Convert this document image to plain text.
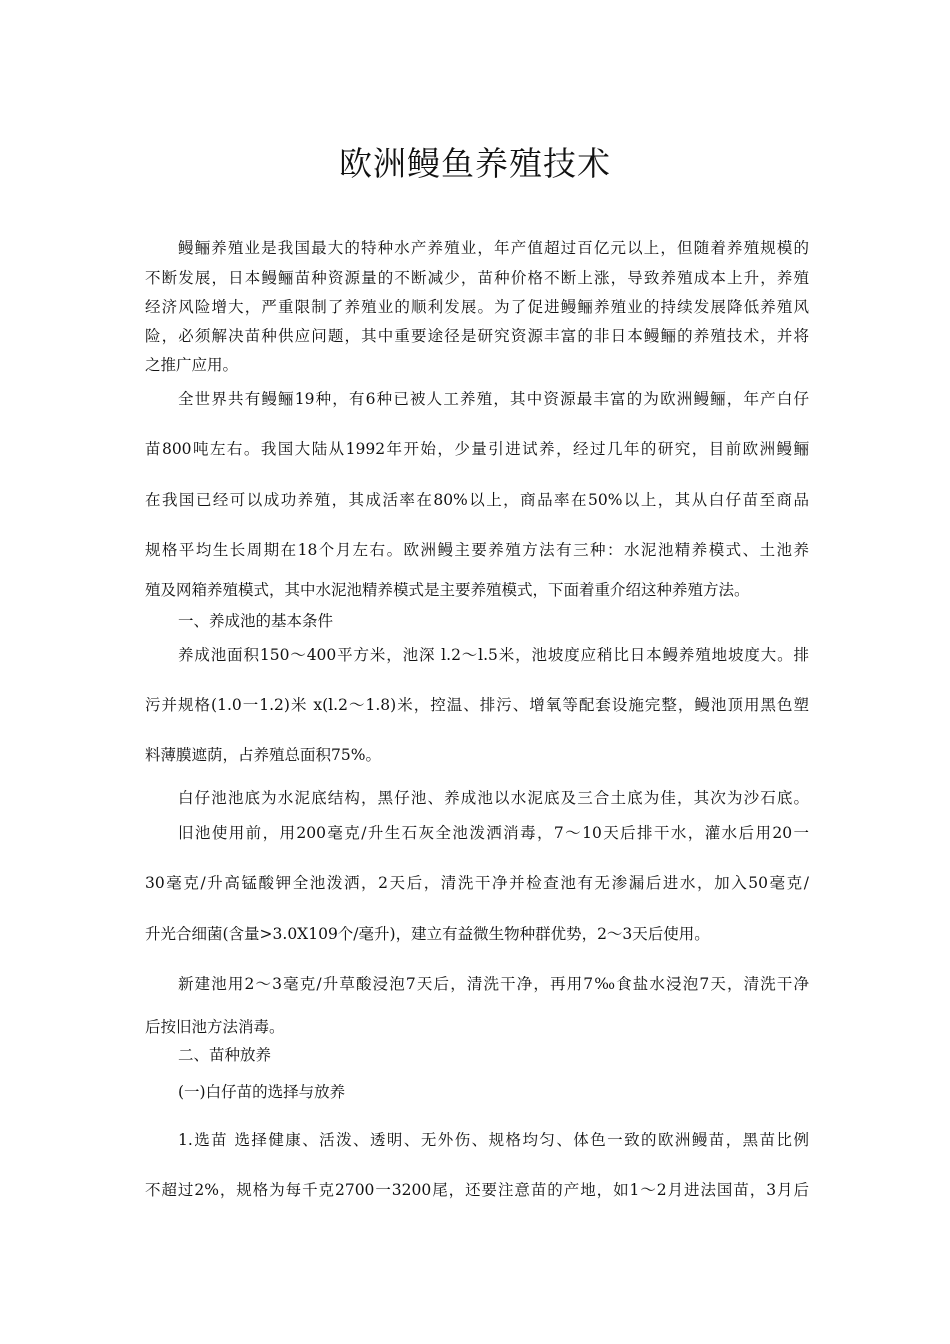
欧洲鳗鱼养殖技术
鳗鲡养殖业是我国最大的特种水产养殖业，年产值超过百亿元以上，但随着养殖规模的
不断发展，日本鳗鲡苗种资源量的不断减少，苗种价格不断上涨，导致养殖成本上升，养殖
经济风险增大，严重限制了养殖业的顺利发展。为了促进鳗鲡养殖业的持续发展降低养殖风
险，必须解决苗种供应问题，其中重要途径是研究资源丰富的非日本鳗鲡的养殖技术，并将
之推广应用。
全世界共有鳗鲡19种，有6种已被人工养殖，其中资源最丰富的为欧洲鳗鲡，年产白仔
苗800吨左右。我国大陆从1992年开始，少量引进试养，经过几年的研究，目前欧洲鳗鲡
在我国已经可以成功养殖，其成活率在80%以上，商品率在50%以上，其从白仔苗至商品
规格平均生长周期在18个月左右。欧洲鳗主要养殖方法有三种：水泥池精养模式、土池养
殖及网箱养殖模式，其中水泥池精养模式是主要养殖模式，下面着重介绍这种养殖方法。
一、养成池的基本条件
养成池面积150～400平方米，池深 l.2～l.5米，池坡度应稍比日本鳗养殖地坡度大。排
污并规格(1.0一1.2)米 x(l.2～1.8)米，控温、排污、增氧等配套设施完整，鳗池顶用黑色塑
料薄膜遮荫，占养殖总面积75%。
白仔池池底为水泥底结构，黑仔池、养成池以水泥底及三合土底为佳，其次为沙石底。
旧池使用前，用200毫克/升生石灰全池泼洒消毒，7～10天后排干水，灌水后用20一
30毫克/升高锰酸钾全池泼洒，2天后，清洗干净并检查池有无渗漏后进水，加入50毫克/
升光合细菌(含量>3.0X109个/毫升)，建立有益微生物种群优势，2～3天后使用。
新建池用2～3毫克/升草酸浸泡7天后，清洗干净，再用7‰食盐水浸泡7天，清洗干净
后按旧池方法消毒。
二、苗种放养
(一)白仔苗的选择与放养
1.选苗 选择健康、活泼、透明、无外伤、规格均匀、体色一致的欧洲鳗苗，黑苗比例
不超过2%，规格为每千克2700一3200尾，还要注意苗的产地，如1～2月进法国苗，3月后
